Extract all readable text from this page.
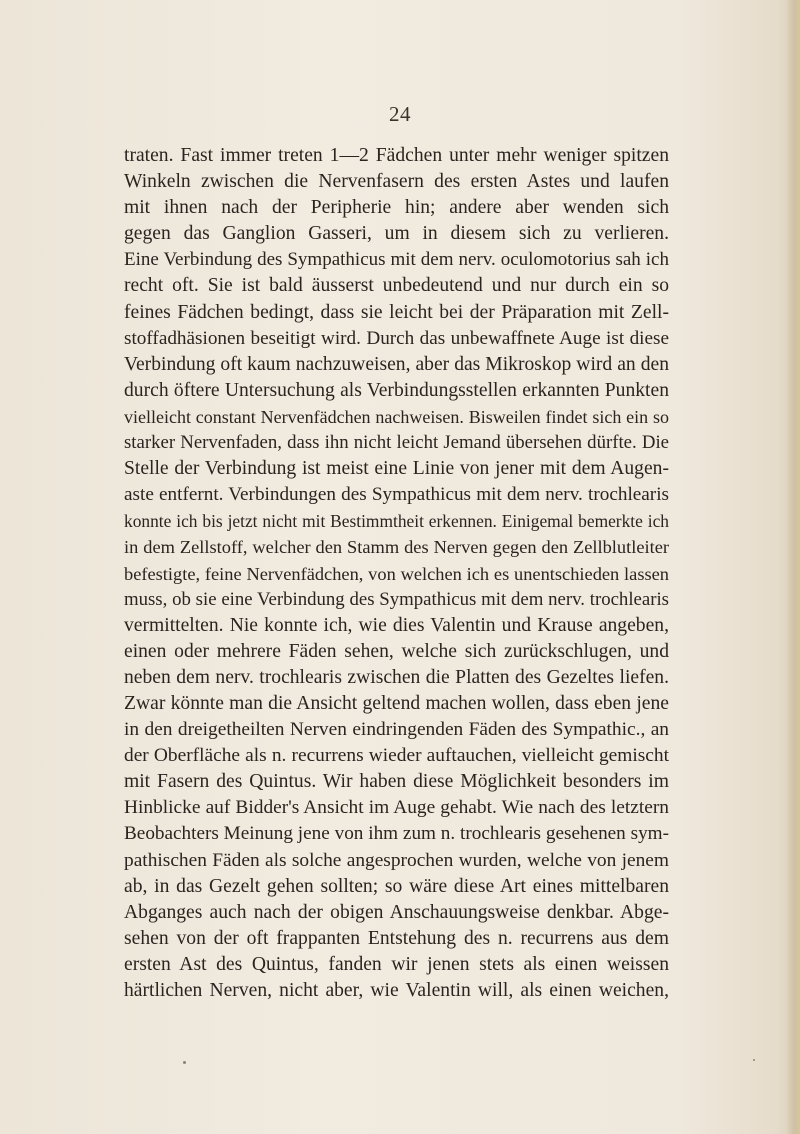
24
traten. Fast immer treten 1—2 Fädchen unter mehr weniger spitzen
Winkeln zwischen die Nervenfasern des ersten Astes und laufen
mit ihnen nach der Peripherie hin; andere aber wenden sich
gegen das Ganglion Gasseri, um in diesem sich zu verlieren.
Eine Verbindung des Sympathicus mit dem nerv. oculomotorius sah ich
recht oft. Sie ist bald äusserst unbedeutend und nur durch ein so
feines Fädchen bedingt, dass sie leicht bei der Präparation mit Zell-
stoffadhäsionen beseitigt wird. Durch das unbewaffnete Auge ist diese
Verbindung oft kaum nachzuweisen, aber das Mikroskop wird an den
durch öftere Untersuchung als Verbindungsstellen erkannten Punkten
vielleicht constant Nervenfädchen nachweisen. Bisweilen findet sich ein so
starker Nervenfaden, dass ihn nicht leicht Jemand übersehen dürfte. Die
Stelle der Verbindung ist meist eine Linie von jener mit dem Augen-
aste entfernt. Verbindungen des Sympathicus mit dem nerv. trochlearis
konnte ich bis jetzt nicht mit Bestimmtheit erkennen. Einigemal bemerkte ich
in dem Zellstoff, welcher den Stamm des Nerven gegen den Zellblutleiter
befestigte, feine Nervenfädchen, von welchen ich es unentschieden lassen
muss, ob sie eine Verbindung des Sympathicus mit dem nerv. trochlearis
vermittelten. Nie konnte ich, wie dies Valentin und Krause angeben,
einen oder mehrere Fäden sehen, welche sich zurückschlugen, und
neben dem nerv. trochlearis zwischen die Platten des Gezeltes liefen.
Zwar könnte man die Ansicht geltend machen wollen, dass eben jene
in den dreigetheilten Nerven eindringenden Fäden des Sympathic., an
der Oberfläche als n. recurrens wieder auftauchen, vielleicht gemischt
mit Fasern des Quintus. Wir haben diese Möglichkeit besonders im
Hinblicke auf Bidder's Ansicht im Auge gehabt. Wie nach des letztern
Beobachters Meinung jene von ihm zum n. trochlearis gesehenen sym-
pathischen Fäden als solche angesprochen wurden, welche von jenem
ab, in das Gezelt gehen sollten; so wäre diese Art eines mittelbaren
Abganges auch nach der obigen Anschauungsweise denkbar. Abge-
sehen von der oft frappanten Entstehung des n. recurrens aus dem
ersten Ast des Quintus, fanden wir jenen stets als einen weissen
härtlichen Nerven, nicht aber, wie Valentin will, als einen weichen,
